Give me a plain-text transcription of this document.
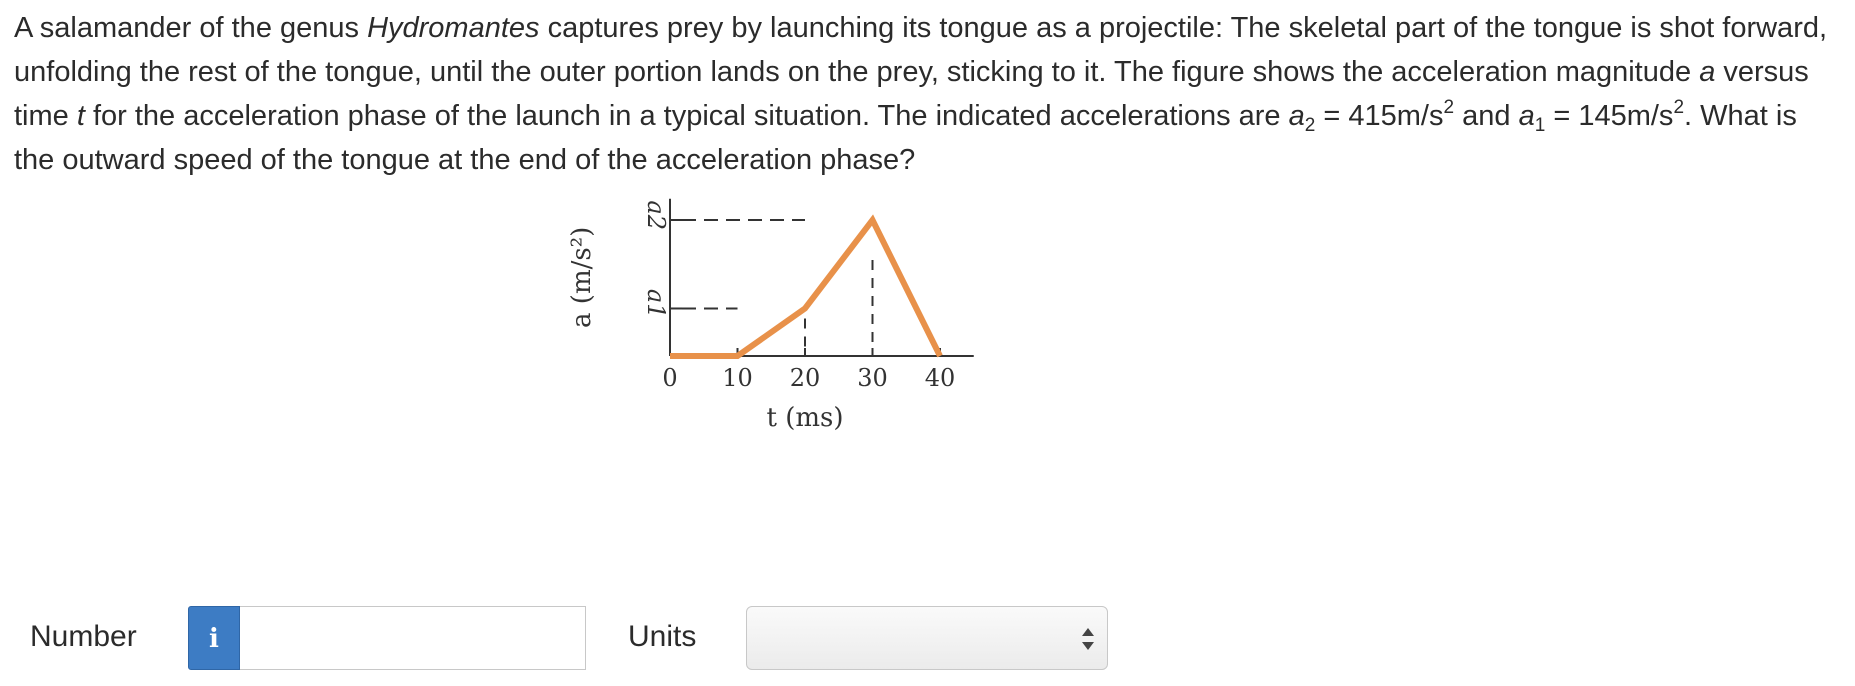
A salamander of the genus Hydromantes captures prey by launching its tongue as a projectile: The skeletal part of the tongue is shot forward, unfolding the rest of the tongue, until the outer portion lands on the prey, sticking to it. The figure shows the acceleration magnitude a versus time t for the acceleration phase of the launch in a typical situation. The indicated accelerations are $a_2 = 415m/s^2$ and $a_1 = 145m/s^2$. What is the outward speed of the tongue at the end of the acceleration phase?
0 10 20 30 40
a1
a2
t (ms)
a (m/s²)
Number	i	Units
